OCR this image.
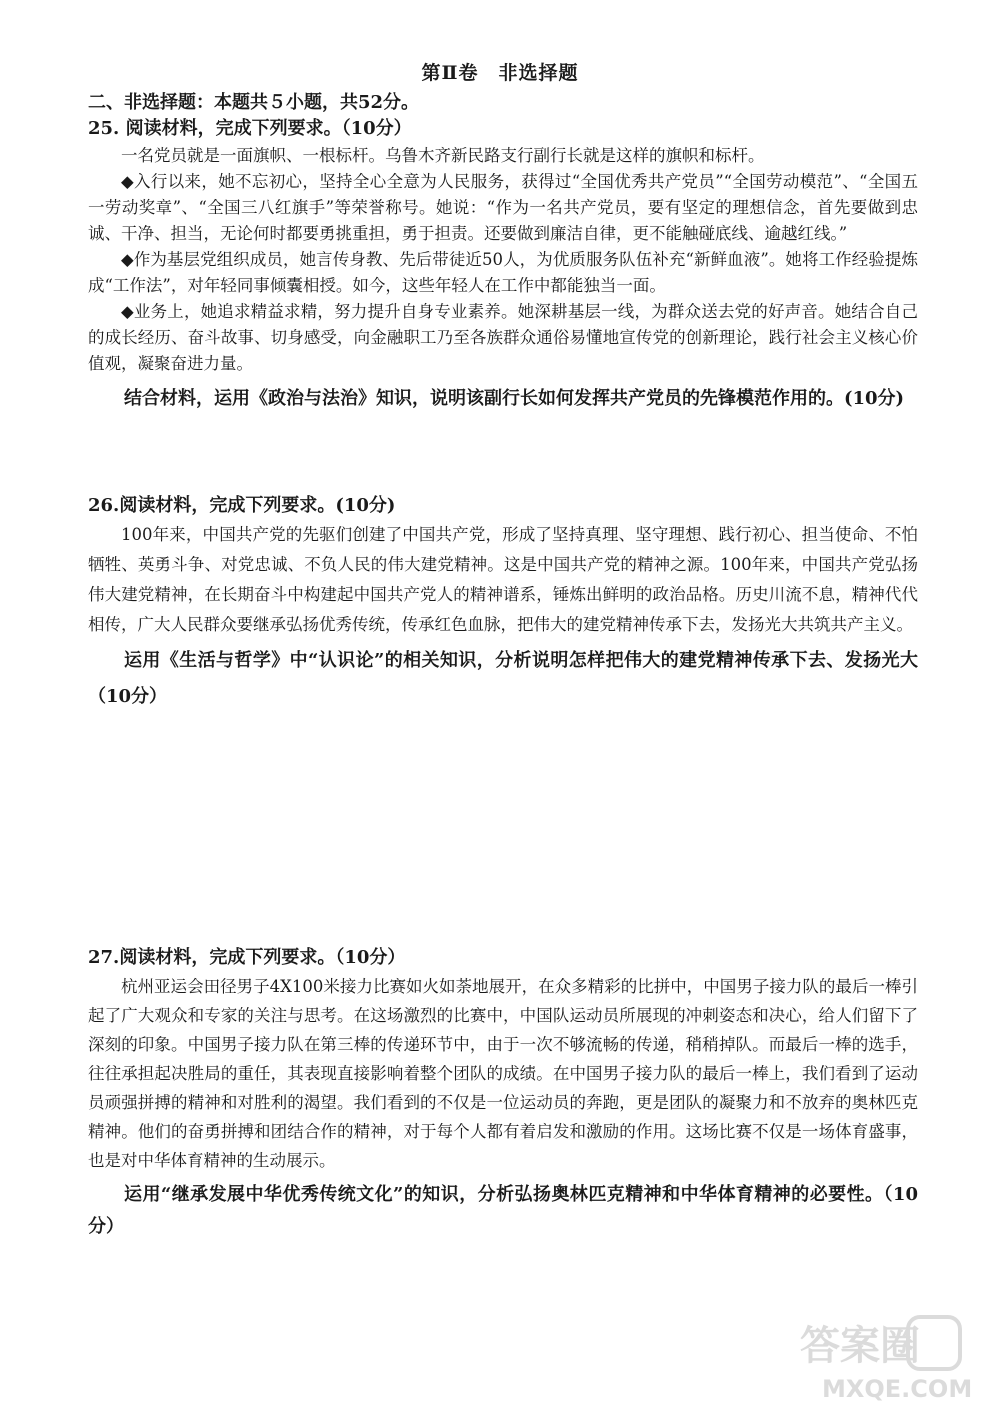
第Ⅱ卷　非选择题
二、非选择题：本题共５小题，共52分。

25. 阅读材料，完成下列要求。（10分）

一名党员就是一面旗帜、一根标杆。乌鲁木齐新民路支行副行长就是这样的旗帜和标杆。

◆入行以来，她不忘初心，坚持全心全意为人民服务，获得过“全国优秀共产党员”“全国劳动模范”、“全国五一劳动奖章”、“全国三八红旗手”等荣誉称号。她说：“作为一名共产党员，要有坚定的理想信念，首先要做到忠诚、干净、担当，无论何时都要勇挑重担，勇于担责。还要做到廉洁自律，更不能触碰底线、逾越红线。”

◆作为基层党组织成员，她言传身教、先后带徒近50人，为优质服务队伍补充“新鲜血液”。她将工作经验提炼成“工作法”，对年轻同事倾囊相授。如今，这些年轻人在工作中都能独当一面。

◆业务上，她追求精益求精，努力提升自身专业素养。她深耕基层一线，为群众送去党的好声音。她结合自己的成长经历、奋斗故事、切身感受，向金融职工乃至各族群众通俗易懂地宣传党的创新理论，践行社会主义核心价值观，凝聚奋进力量。

结合材料，运用《政治与法治》知识，说明该副行长如何发挥共产党员的先锋模范作用的。(10分)

26.阅读材料，完成下列要求。(10分)

100年来，中国共产党的先驱们创建了中国共产党，形成了坚持真理、坚守理想、践行初心、担当使命、不怕牺牲、英勇斗争、对党忠诚、不负人民的伟大建党精神。这是中国共产党的精神之源。100年来，中国共产党弘扬伟大建党精神，在长期奋斗中构建起中国共产党人的精神谱系，锤炼出鲜明的政治品格。历史川流不息，精神代代相传，广大人民群众要继承弘扬优秀传统，传承红色血脉，把伟大的建党精神传承下去，发扬光大共筑共产主义。

运用《生活与哲学》中“认识论”的相关知识，分析说明怎样把伟大的建党精神传承下去、发扬光大（10分）

27.阅读材料，完成下列要求。（10分）

杭州亚运会田径男子4X100米接力比赛如火如荼地展开，在众多精彩的比拼中，中国男子接力队的最后一棒引起了广大观众和专家的关注与思考。在这场激烈的比赛中，中国队运动员所展现的冲刺姿态和决心，给人们留下了深刻的印象。中国男子接力队在第三棒的传递环节中，由于一次不够流畅的传递，稍稍掉队。而最后一棒的选手，往往承担起决胜局的重任，其表现直接影响着整个团队的成绩。在中国男子接力队的最后一棒上，我们看到了运动员顽强拼搏的精神和对胜利的渴望。我们看到的不仅是一位运动员的奔跑，更是团队的凝聚力和不放弃的奥林匹克精神。他们的奋勇拼搏和团结合作的精神，对于每个人都有着启发和激励的作用。这场比赛不仅是一场体育盛事，也是对中华体育精神的生动展示。

运用“继承发展中华优秀传统文化”的知识，分析弘扬奥林匹克精神和中华体育精神的必要性。（10分）

答案圈
MXQE.COM
